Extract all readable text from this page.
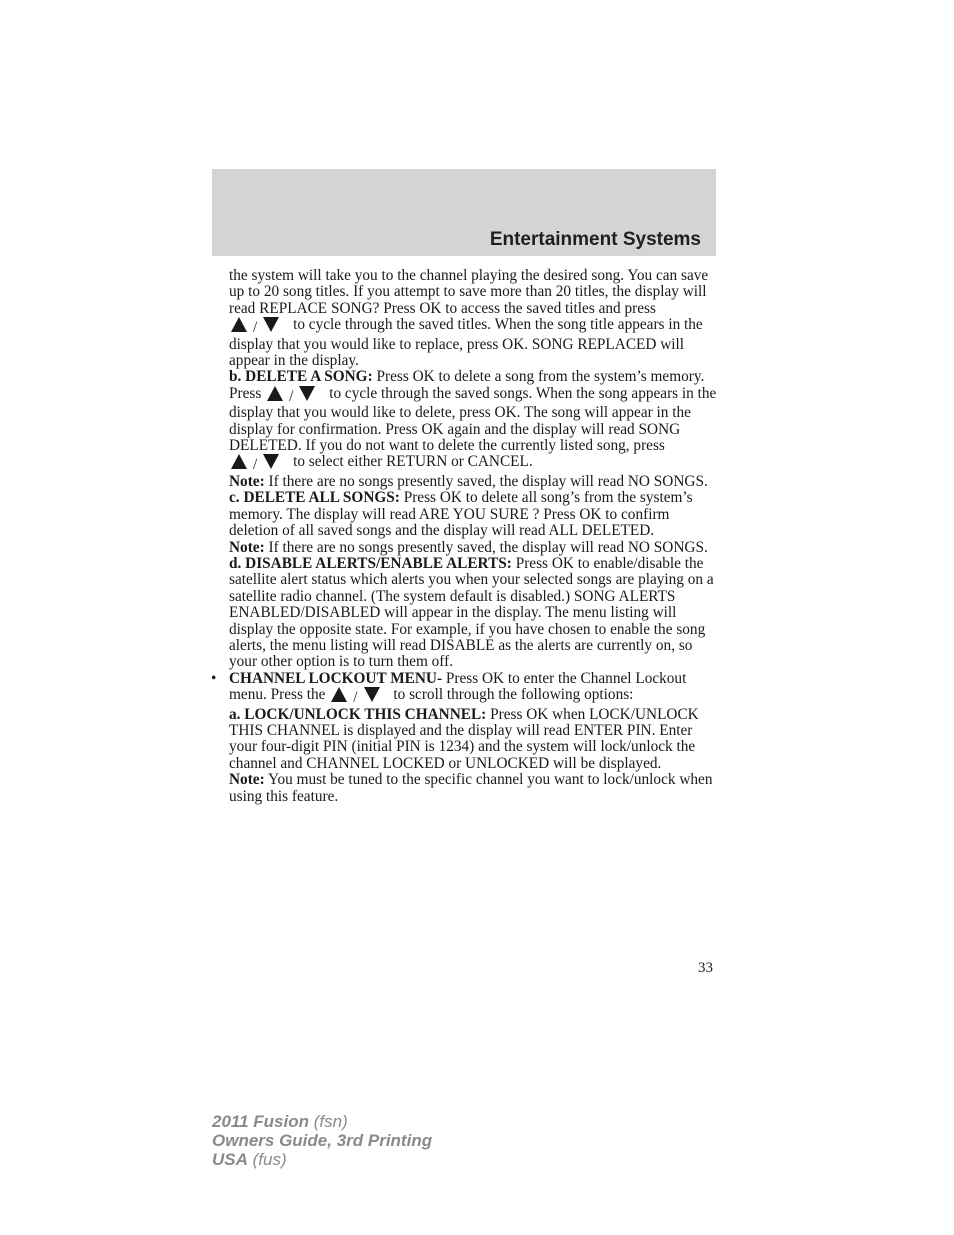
Entertainment Systems

the system will take you to the channel playing the desired song. You can save up to 20 song titles. If you attempt to save more than 20 titles, the display will read REPLACE SONG? Press OK to access the saved titles and press / to cycle through the saved titles. When the song title appears in the display that you would like to replace, press OK. SONG REPLACED will appear in the display.

b. DELETE A SONG: Press OK to delete a song from the system’s memory. Press / to cycle through the saved songs. When the song appears in the display that you would like to delete, press OK. The song will appear in the display for confirmation. Press OK again and the display will read SONG DELETED. If you do not want to delete the currently listed song, press / to select either RETURN or CANCEL.

Note: If there are no songs presently saved, the display will read NO SONGS.

c. DELETE ALL SONGS: Press OK to delete all song’s from the system’s memory. The display will read ARE YOU SURE ? Press OK to confirm deletion of all saved songs and the display will read ALL DELETED.

Note: If there are no songs presently saved, the display will read NO SONGS.

d. DISABLE ALERTS/ENABLE ALERTS: Press OK to enable/disable the satellite alert status which alerts you when your selected songs are playing on a satellite radio channel. (The system default is disabled.) SONG ALERTS ENABLED/DISABLED will appear in the display. The menu listing will display the opposite state. For example, if you have chosen to enable the song alerts, the menu listing will read DISABLE as the alerts are currently on, so your other option is to turn them off.

• CHANNEL LOCKOUT MENU- Press OK to enter the Channel Lockout menu. Press the / to scroll through the following options:

a. LOCK/UNLOCK THIS CHANNEL: Press OK when LOCK/UNLOCK THIS CHANNEL is displayed and the display will read ENTER PIN. Enter your four-digit PIN (initial PIN is 1234) and the system will lock/unlock the channel and CHANNEL LOCKED or UNLOCKED will be displayed.

Note: You must be tuned to the specific channel you want to lock/unlock when using this feature.

33
2011 Fusion (fsn)
Owners Guide, 3rd Printing
USA (fus)
